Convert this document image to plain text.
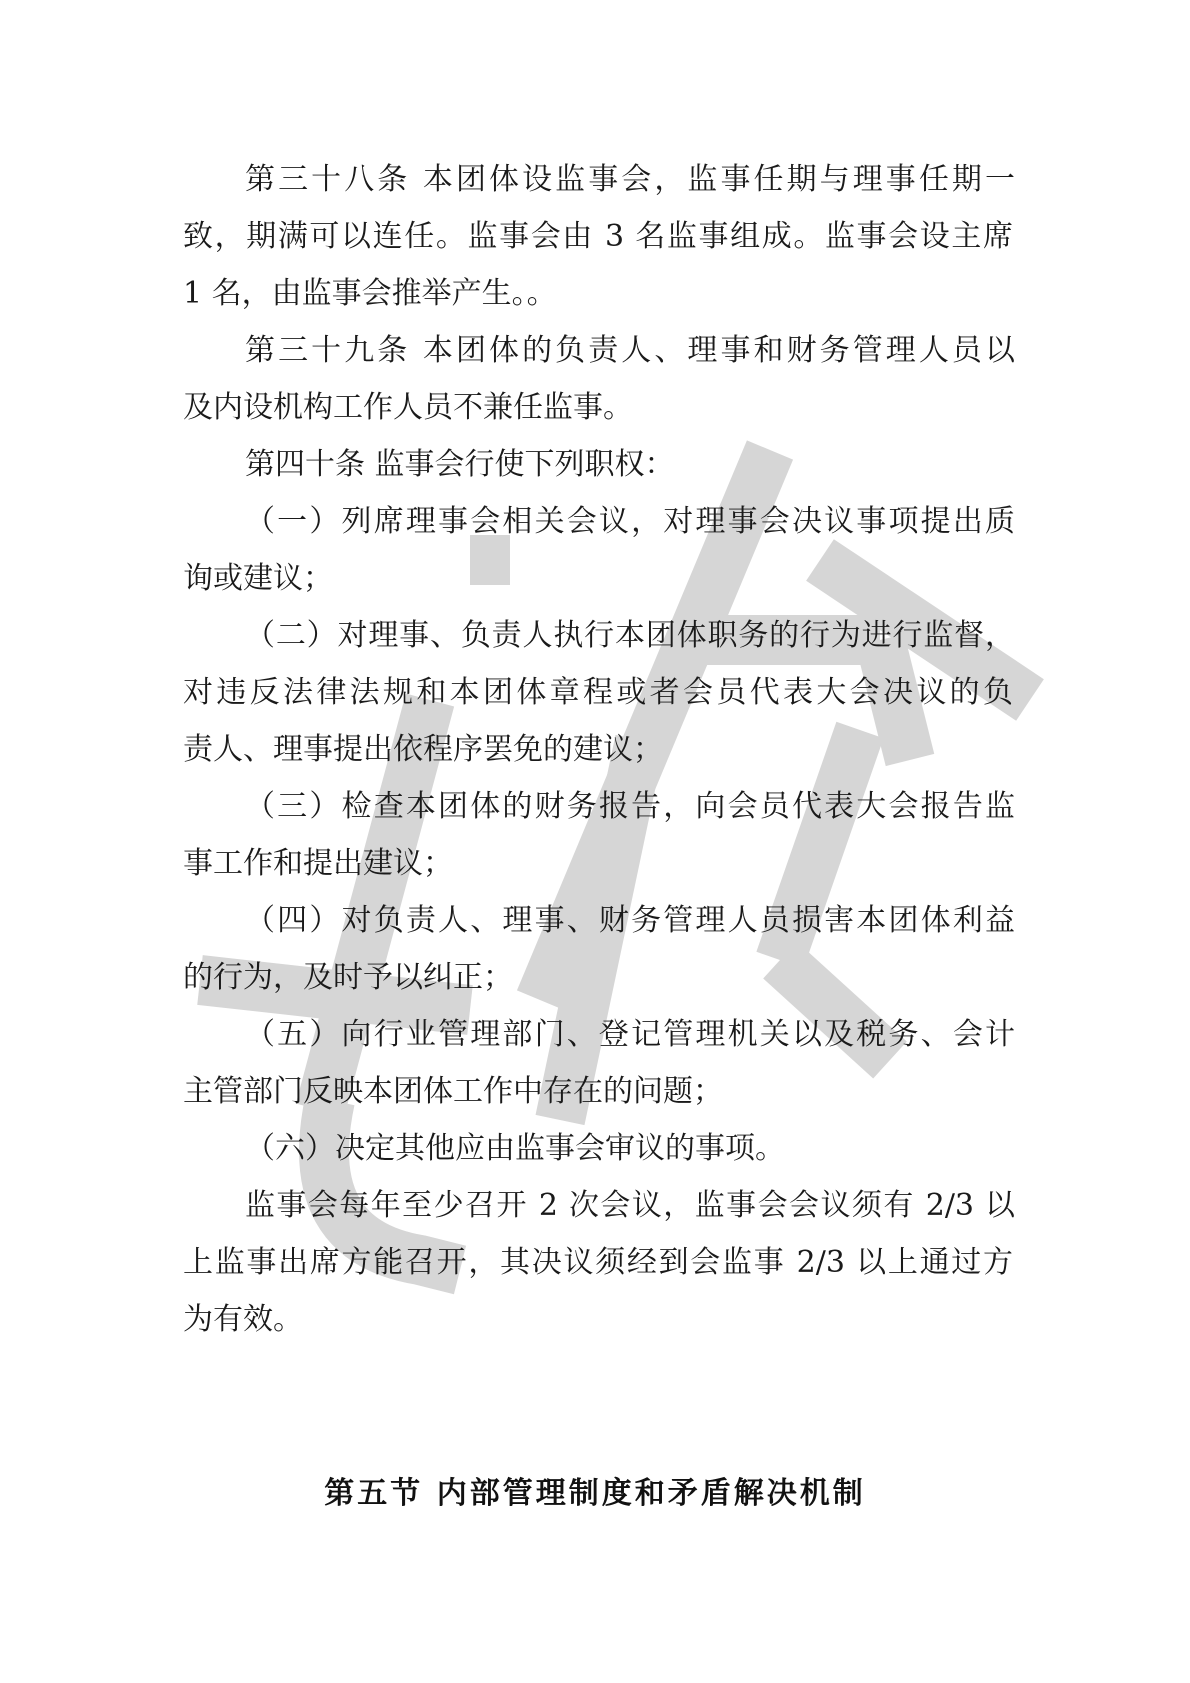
第三十八条 本团体设监事会，监事任期与理事任期一
致，期满可以连任。监事会由 3 名监事组成。监事会设主席
1 名，由监事会推举产生。。
第三十九条 本团体的负责人、理事和财务管理人员以
及内设机构工作人员不兼任监事。
第四十条 监事会行使下列职权：
（一）列席理事会相关会议，对理事会决议事项提出质
询或建议；
（二）对理事、负责人执行本团体职务的行为进行监督，
对违反法律法规和本团体章程或者会员代表大会决议的负
责人、理事提出依程序罢免的建议；
（三）检查本团体的财务报告，向会员代表大会报告监
事工作和提出建议；
（四）对负责人、理事、财务管理人员损害本团体利益
的行为，及时予以纠正；
（五）向行业管理部门、登记管理机关以及税务、会计
主管部门反映本团体工作中存在的问题；
（六）决定其他应由监事会审议的事项。
监事会每年至少召开 2 次会议，监事会会议须有 2/3 以
上监事出席方能召开，其决议须经到会监事 2/3 以上通过方
为有效。
第五节 内部管理制度和矛盾解决机制
